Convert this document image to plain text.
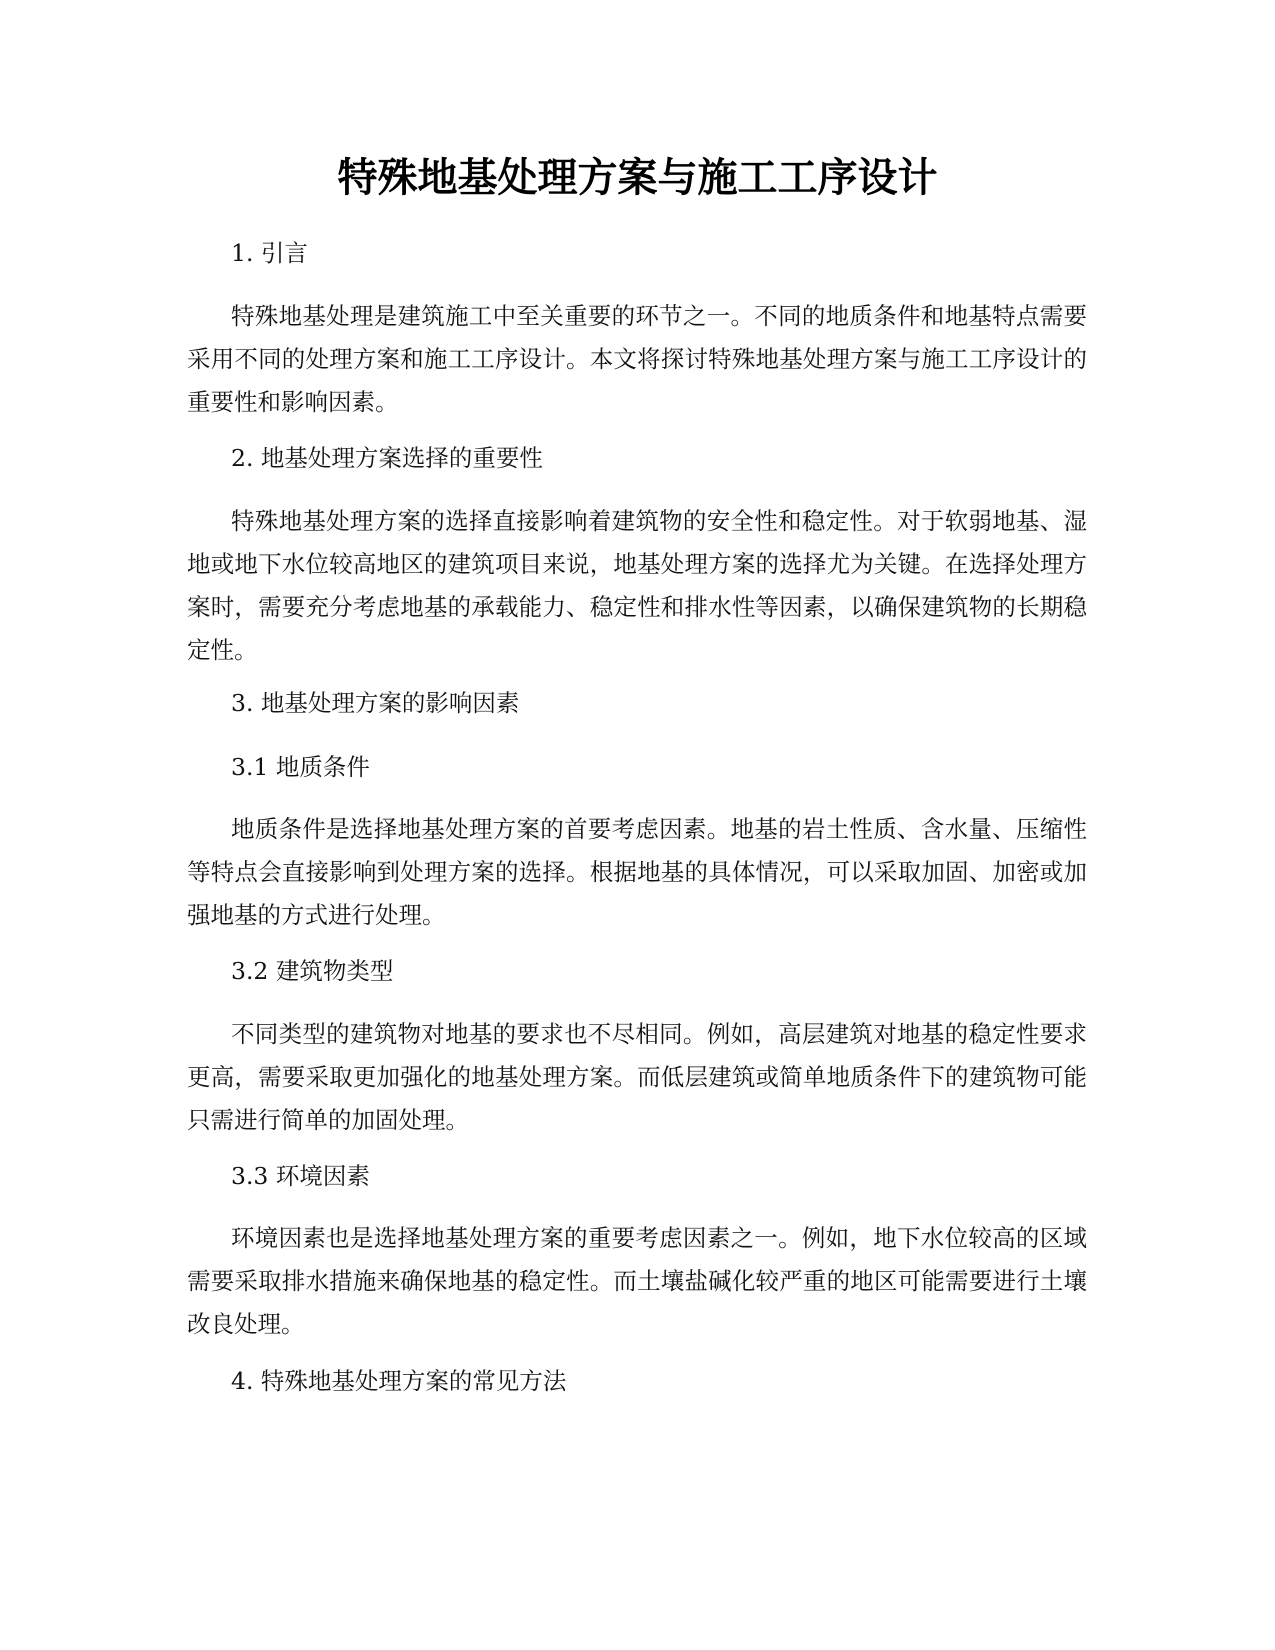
特殊地基处理方案与施工工序设计

1. 引言

特殊地基处理是建筑施工中至关重要的环节之一。不同的地质条件和地基特点需要采用不同的处理方案和施工工序设计。本文将探讨特殊地基处理方案与施工工序设计的重要性和影响因素。

2. 地基处理方案选择的重要性

特殊地基处理方案的选择直接影响着建筑物的安全性和稳定性。对于软弱地基、湿地或地下水位较高地区的建筑项目来说，地基处理方案的选择尤为关键。在选择处理方案时，需要充分考虑地基的承载能力、稳定性和排水性等因素，以确保建筑物的长期稳定性。

3. 地基处理方案的影响因素

3.1 地质条件

地质条件是选择地基处理方案的首要考虑因素。地基的岩土性质、含水量、压缩性等特点会直接影响到处理方案的选择。根据地基的具体情况，可以采取加固、加密或加强地基的方式进行处理。

3.2 建筑物类型

不同类型的建筑物对地基的要求也不尽相同。例如，高层建筑对地基的稳定性要求更高，需要采取更加强化的地基处理方案。而低层建筑或简单地质条件下的建筑物可能只需进行简单的加固处理。

3.3 环境因素

环境因素也是选择地基处理方案的重要考虑因素之一。例如，地下水位较高的区域需要采取排水措施来确保地基的稳定性。而土壤盐碱化较严重的地区可能需要进行土壤改良处理。

4. 特殊地基处理方案的常见方法
